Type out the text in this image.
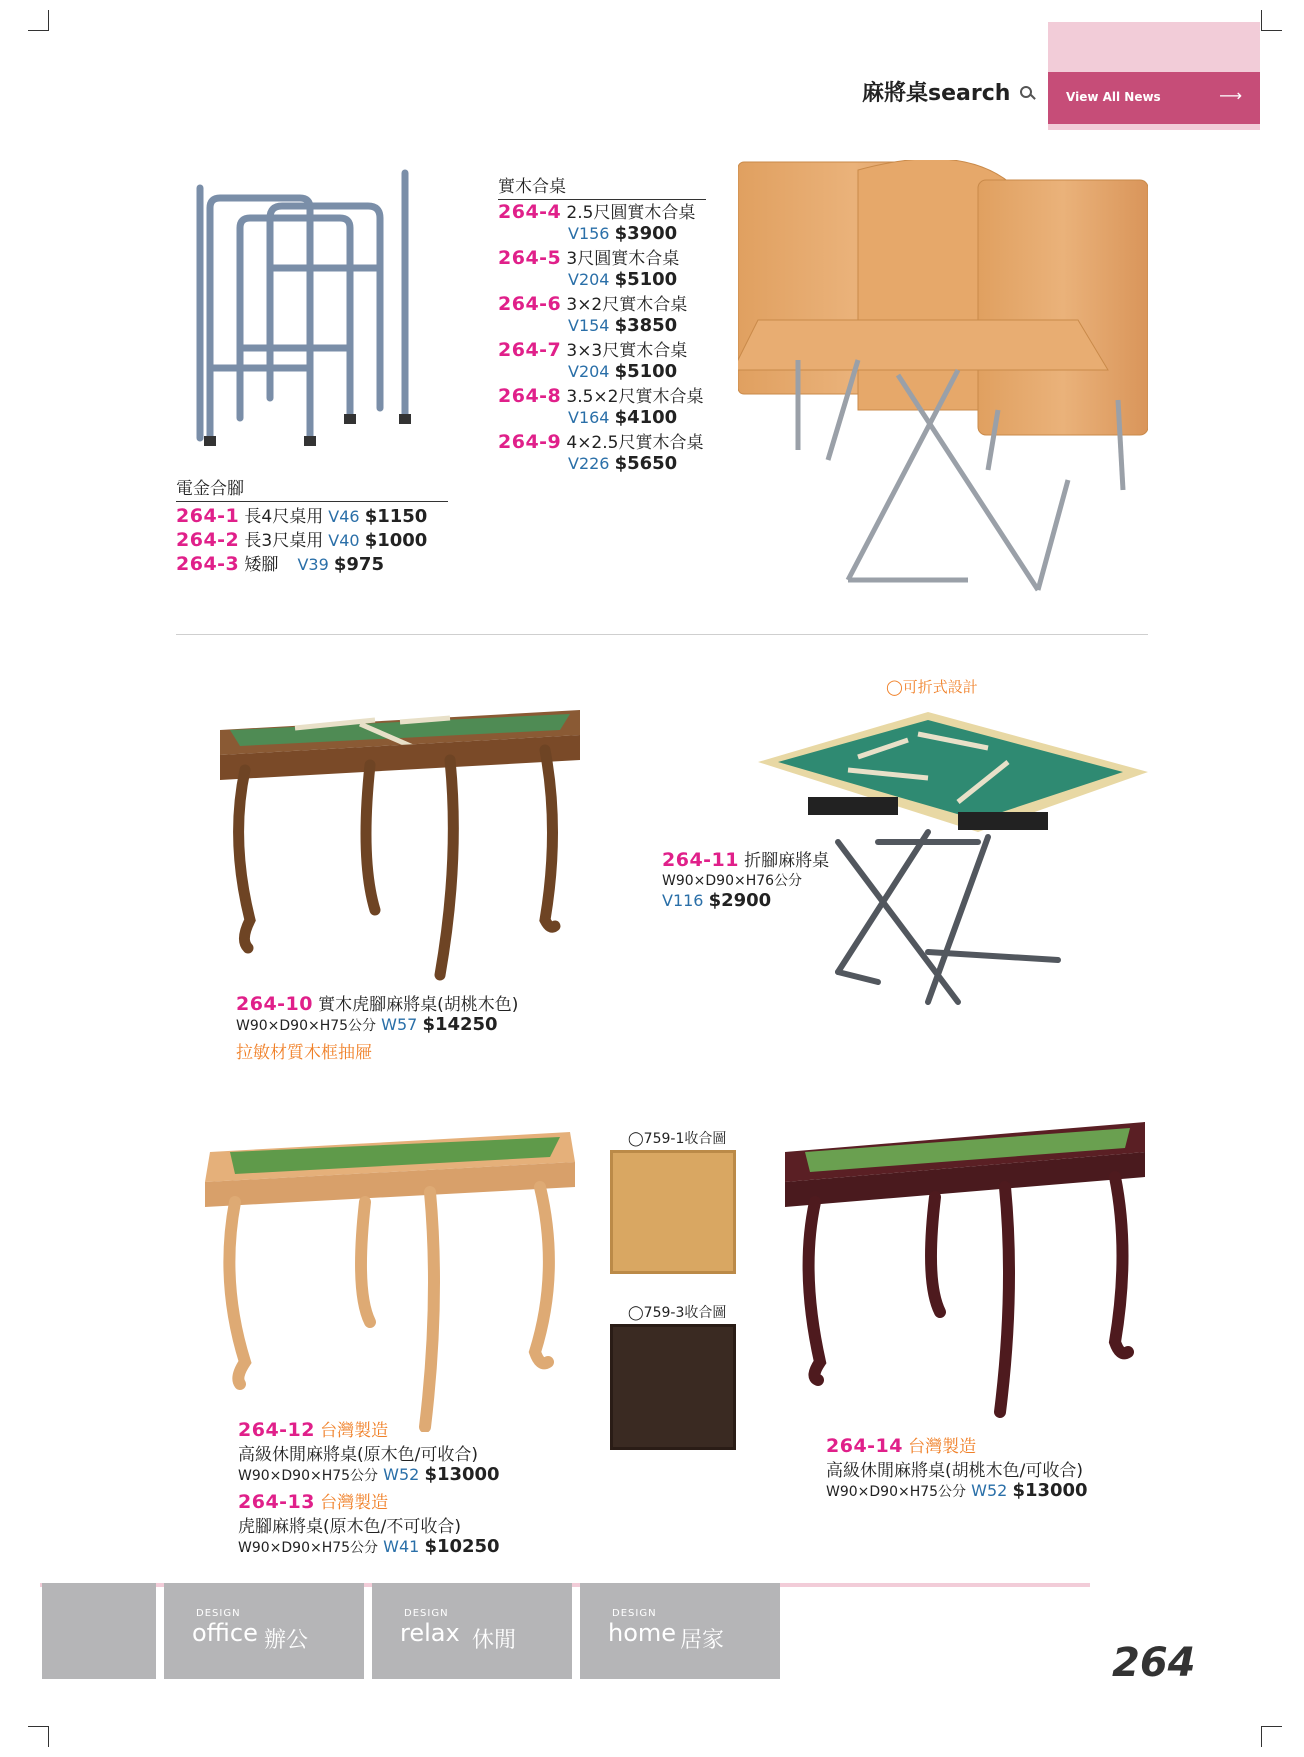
麻將桌search	View All News	⟶
電金合腳
264-1 長4尺桌用 V46 $1150
264-2 長3尺桌用 V40 $1000
264-3 矮腳 V39 $975
實木合桌
264-4 2.5尺圓實木合桌
V156 $3900
264-5 3尺圓實木合桌
V204 $5100
264-6 3×2尺實木合桌
V154 $3850
264-7 3×3尺實木合桌
V204 $5100
264-8 3.5×2尺實木合桌
V164 $4100
264-9 4×2.5尺實木合桌
V226 $5650
264-10 實木虎腳麻將桌(胡桃木色)
W90×D90×H75公分 W57 $14250
拉敏材質木框抽屜
◯可折式設計
264-11 折腳麻將桌
W90×D90×H76公分
V116 $2900
◯759-1收合圖
◯759-3收合圖
264-12 台灣製造
高級休閒麻將桌(原木色/可收合)
W90×D90×H75公分 W52 $13000
264-13 台灣製造
虎腳麻將桌(原木色/不可收合)
W90×D90×H75公分 W41 $10250
264-14 台灣製造
高級休閒麻將桌(胡桃木色/可收合)
W90×D90×H75公分 W52 $13000
DESIGN
office 辦公
DESIGN
relax 休閒
DESIGN
home 居家	264
